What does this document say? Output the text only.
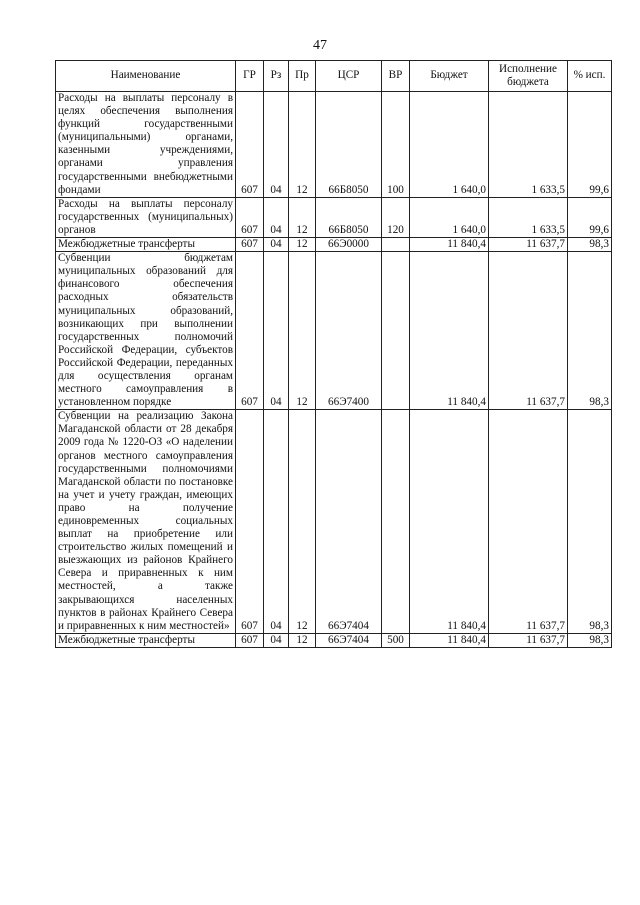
47
Наименование	ГР	Рз	Пр	ЦСР	ВР	Бюджет	Исполнение бюджета	% исп.
Расходы на выплаты персоналу в целях обеспечения выполнения функций государственными (муниципальными) органами, казенными учреждениями, органами управления государственными внебюджетными фондами	607	04	12	66Б8050	100	1 640,0	1 633,5	99,6
Расходы на выплаты персоналу государственных (муниципальных) органов	607	04	12	66Б8050	120	1 640,0	1 633,5	99,6
Межбюджетные трансферты	607	04	12	66Э0000		11 840,4	11 637,7	98,3
Субвенции бюджетам муниципальных образований для финансового обеспечения расходных обязательств муниципальных образований, возникающих при выполнении государственных полномочий Российской Федерации, субъектов Российской Федерации, переданных для осуществления органам местного самоуправления в установленном порядке	607	04	12	66Э7400		11 840,4	11 637,7	98,3
Субвенции на реализацию Закона Магаданской области от 28 декабря 2009 года № 1220-ОЗ «О наделении органов местного самоуправления государственными полномочиями Магаданской области по постановке на учет и учету граждан, имеющих право на получение единовременных социальных выплат на приобретение или строительство жилых помещений и выезжающих из районов Крайнего Севера и приравненных к ним местностей, а также закрывающихся населенных пунктов в районах Крайнего Севера и приравненных к ним местностей»	607	04	12	66Э7404		11 840,4	11 637,7	98,3
Межбюджетные трансферты	607	04	12	66Э7404	500	11 840,4	11 637,7	98,3
